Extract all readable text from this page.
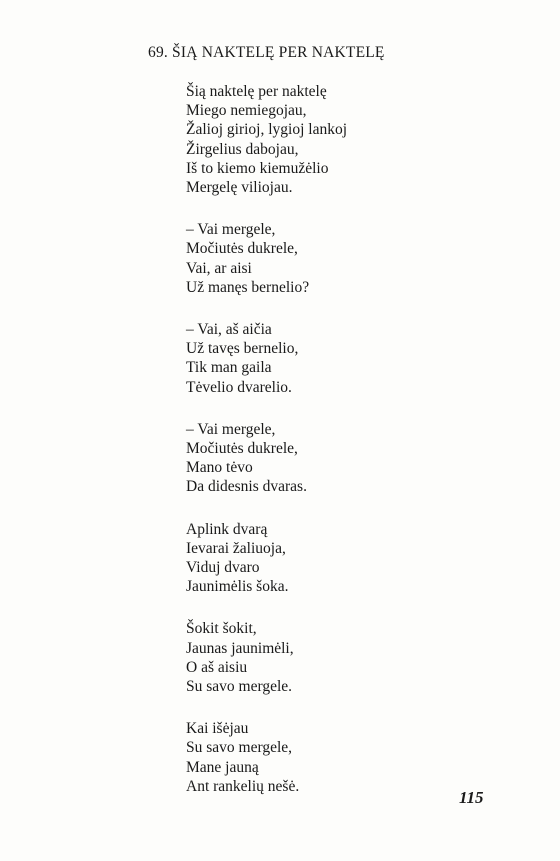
69. ŠIĄ NAKTELĘ PER NAKTELĘ
Šią naktelę per naktelę
Miego nemiegojau,
Žalioj girioj, lygioj lankoj
Žirgelius dabojau,
Iš to kiemo kiemužėlio
Mergelę viliojau.
– Vai mergele,
Močiutės dukrele,
Vai, ar aisi
Už manęs bernelio?
– Vai, aš aičia
Už tavęs bernelio,
Tik man gaila
Tėvelio dvarelio.
– Vai mergele,
Močiutės dukrele,
Mano tėvo
Da didesnis dvaras.
Aplink dvarą
Ievarai žaliuoja,
Viduj dvaro
Jaunimėlis šoka.
Šokit šokit,
Jaunas jaunimėli,
O aš aisiu
Su savo mergele.
Kai išėjau
Su savo mergele,
Mane jauną
Ant rankelių nešė.
115
